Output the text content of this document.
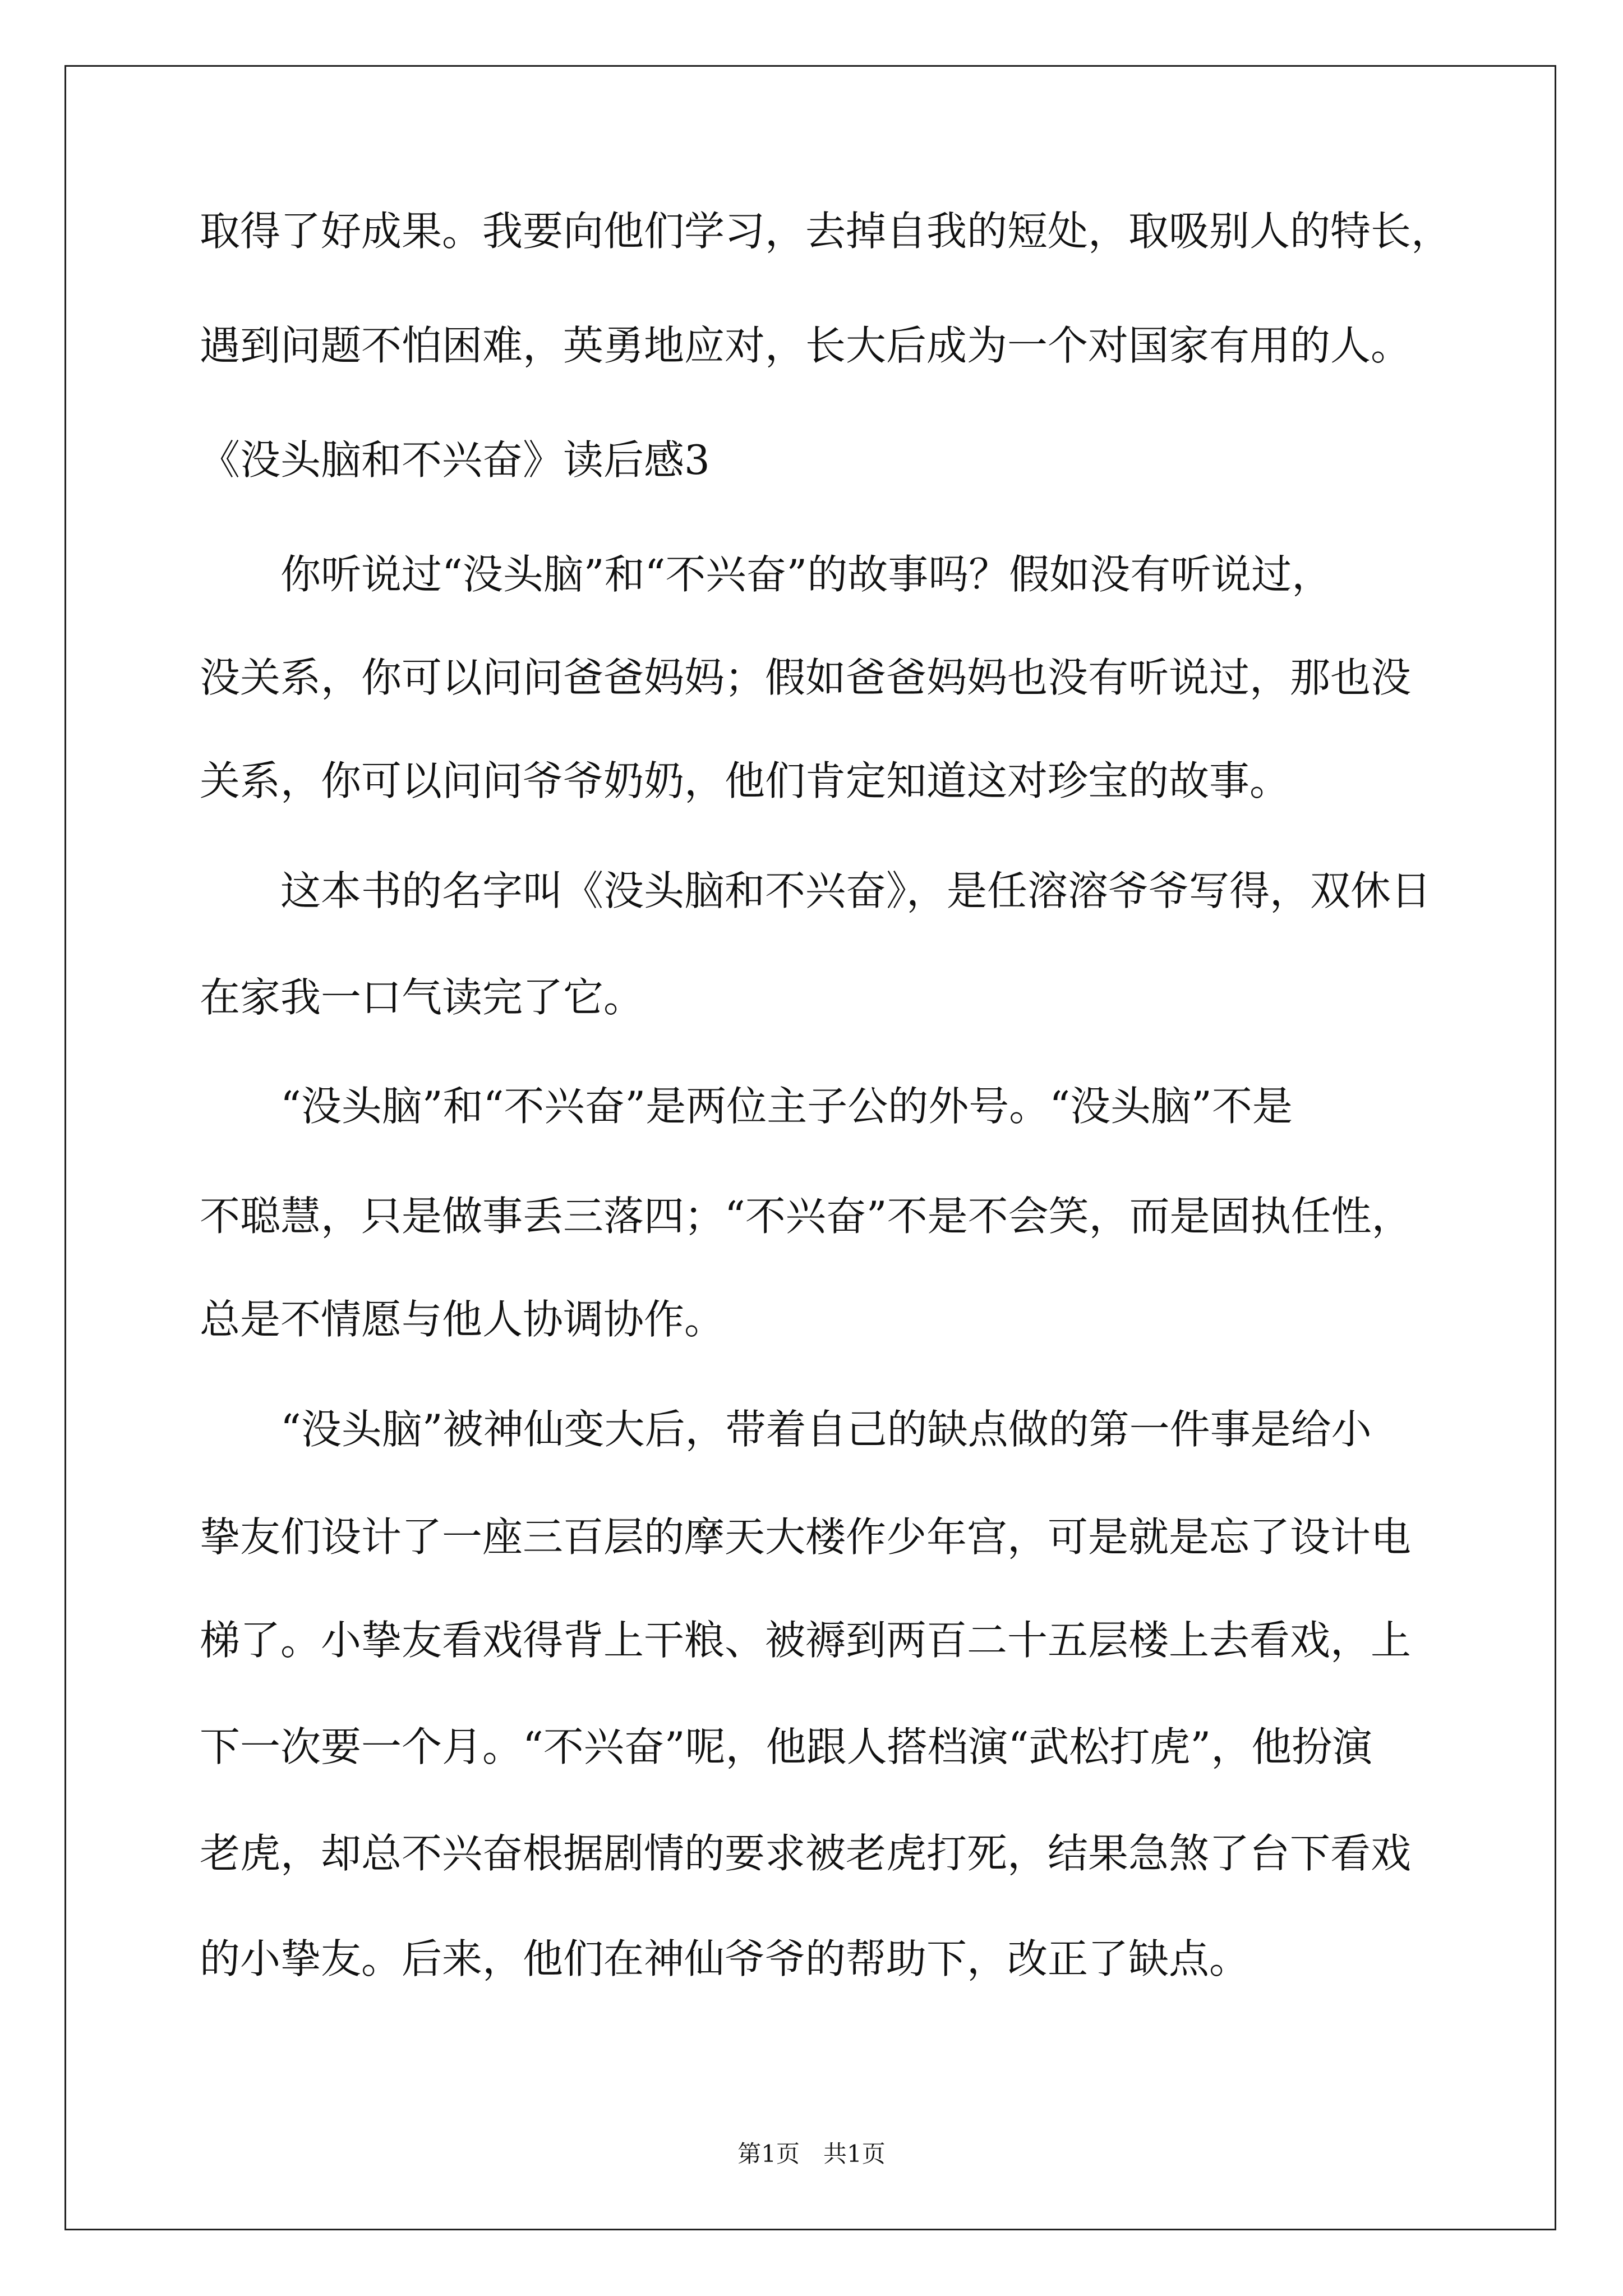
取得了好成果。我要向他们学习，去掉自我的短处，取吸别人的特长，

遇到问题不怕困难，英勇地应对，长大后成为一个对国家有用的人。

《没头脑和不兴奋》读后感3

你听说过“没头脑”和“不兴奋”的故事吗？假如没有听说过，

没关系，你可以问问爸爸妈妈；假如爸爸妈妈也没有听说过，那也没

关系，你可以问问爷爷奶奶，他们肯定知道这对珍宝的故事。

这本书的名字叫《没头脑和不兴奋》，是任溶溶爷爷写得，双休日

在家我一口气读完了它。

“没头脑”和“不兴奋”是两位主子公的外号。“没头脑”不是

不聪慧，只是做事丢三落四；“不兴奋”不是不会笑，而是固执任性，

总是不情愿与他人协调协作。

“没头脑”被神仙变大后，带着自己的缺点做的第一件事是给小

挚友们设计了一座三百层的摩天大楼作少年宫，可是就是忘了设计电

梯了。小挚友看戏得背上干粮、被褥到两百二十五层楼上去看戏，上

下一次要一个月。“不兴奋”呢，他跟人搭档演“武松打虎”，他扮演

老虎，却总不兴奋根据剧情的要求被老虎打死，结果急煞了台下看戏

的小挚友。后来，他们在神仙爷爷的帮助下，改正了缺点。

第1页　共1页
